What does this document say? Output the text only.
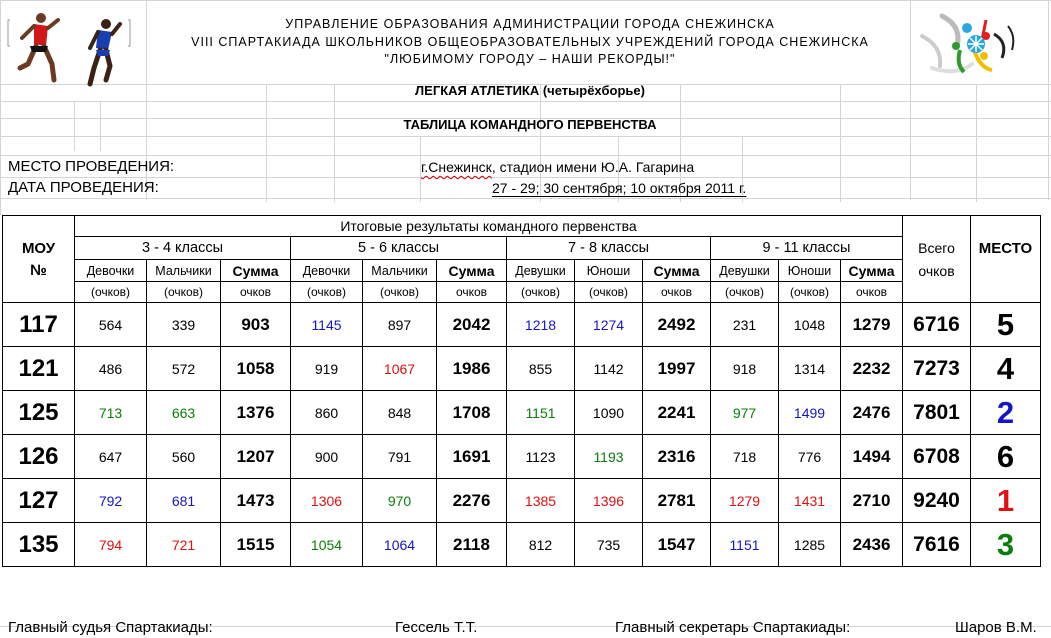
УПРАВЛЕНИЕ ОБРАЗОВАНИЯ АДМИНИСТРАЦИИ ГОРОДА СНЕЖИНСКА
VIII СПАРТАКИАДА ШКОЛЬНИКОВ ОБЩЕОБРАЗОВАТЕЛЬНЫХ УЧРЕЖДЕНИЙ ГОРОДА СНЕЖИНСКА
"ЛЮБИМОМУ ГОРОДУ – НАШИ РЕКОРДЫ!"
ЛЕГКАЯ АТЛЕТИКА (четырёхборье)
ТАБЛИЦА КОМАНДНОГО ПЕРВЕНСТВА
МЕСТО ПРОВЕДЕНИЯ:	г.Снежинск, стадион имени Ю.А. Гагарина
ДАТА ПРОВЕДЕНИЯ:	27 - 29; 30 сентября; 10 октября 2011 г.
	Итоговые результаты командного первенства													
МОУ	3 - 4 классы			5 - 6 классы			7 - 8 классы			9 - 11 классы			Всего	МЕСТО
№	Девочки	Мальчики	Сумма	Девочки	Мальчики	Сумма	Девушки	Юноши	Сумма	Девушки	Юноши	Сумма	очков	
	(очков)	(очков)	очков	(очков)	(очков)	очков	(очков)	(очков)	очков	(очков)	(очков)	очков		
117	564	339	903	1145	897	2042	1218	1274	2492	231	1048	1279	6716	5
121	486	572	1058	919	1067	1986	855	1142	1997	918	1314	2232	7273	4
125	713	663	1376	860	848	1708	1151	1090	2241	977	1499	2476	7801	2
126	647	560	1207	900	791	1691	1123	1193	2316	718	776	1494	6708	6
127	792	681	1473	1306	970	2276	1385	1396	2781	1279	1431	2710	9240	1
135	794	721	1515	1054	1064	2118	812	735	1547	1151	1285	2436	7616	3
Главный судья Спартакиады:	Гессель Т.Т.	Главный секретарь Спартакиады:	Шаров В.М.
